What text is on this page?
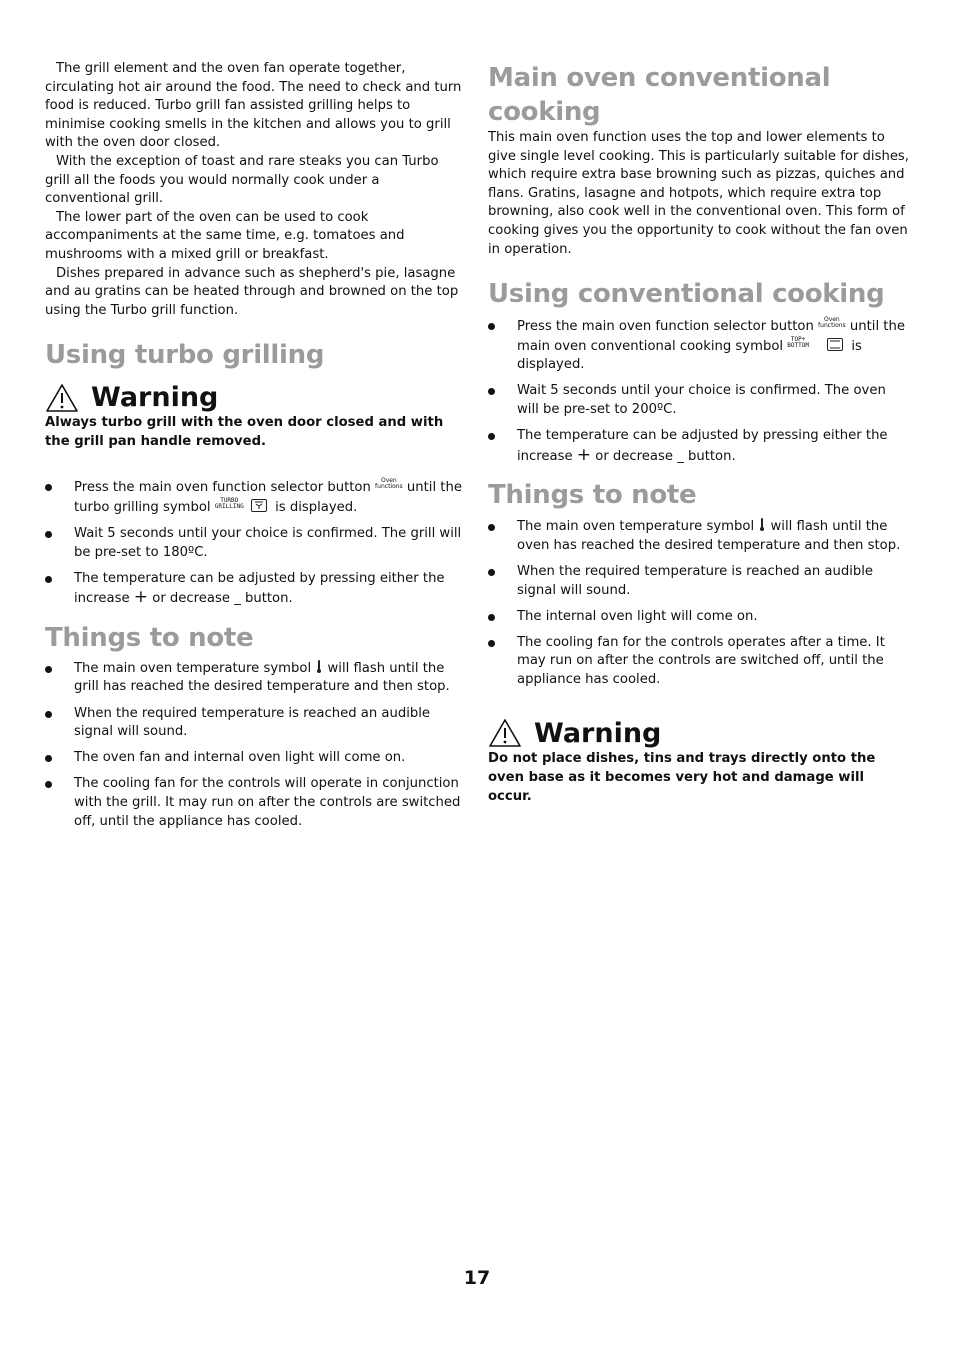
The grill element and the oven fan operate together, circulating hot air around the food. The need to check and turn food is reduced. Turbo grill fan assisted grilling helps to minimise cooking smells in the kitchen and allows you to grill with the oven door closed.

With the exception of toast and rare steaks you can Turbo grill all the foods you would normally cook under a conventional grill.

The lower part of the oven can be used to cook accompaniments at the same time, e.g. tomatoes and mushrooms with a mixed grill or breakfast.

Dishes prepared in advance such as shepherd's pie, lasagne and au gratins can be heated through and browned on the top using the Turbo grill function.

Using turbo grilling
Warning

Always turbo grill with the oven door closed and with the grill pan handle removed.

Press the main oven function selector button Oven
functions until the turbo grilling symbol TURBO
GRILLING is displayed.
Wait 5 seconds until your choice is confirmed. The grill will be pre-set to 180ºC.
The temperature can be adjusted by pressing either the increase + or decrease _ button.
Things to note
The main oven temperature symbol will flash until the grill has reached the desired temperature and then stop.
When the required temperature is reached an audible signal will sound.
The oven fan and internal oven light will come on.
The cooling fan for the controls will operate in conjunction with the grill. It may run on after the controls are switched off, until the appliance has cooled.
Main oven conventional cooking

This main oven function uses the top and lower elements to give single level cooking. This is particularly suitable for dishes, which require extra base browning such as pizzas, quiches and flans. Gratins, lasagne and hotpots, which require extra top browning, also cook well in the conventional oven. This form of cooking gives you the opportunity to cook without the fan oven in operation.

Using conventional cooking
Press the main oven function selector button Oven
functions until the main oven conventional cooking symbol TOP+
BOTTOM	is displayed.
Wait 5 seconds until your choice is confirmed. The oven will be pre-set to 200ºC.
The temperature can be adjusted by pressing either the increase + or decrease _ button.
Things to note
The main oven temperature symbol will flash until the oven has reached the desired temperature and then stop.
When the required temperature is reached an audible signal will sound.
The internal oven light will come on.
The cooling fan for the controls operates after a time. It may run on after the controls are switched off, until the appliance has cooled.
Warning

Do not place dishes, tins and trays directly onto the oven base as it becomes very hot and damage will occur.

17
